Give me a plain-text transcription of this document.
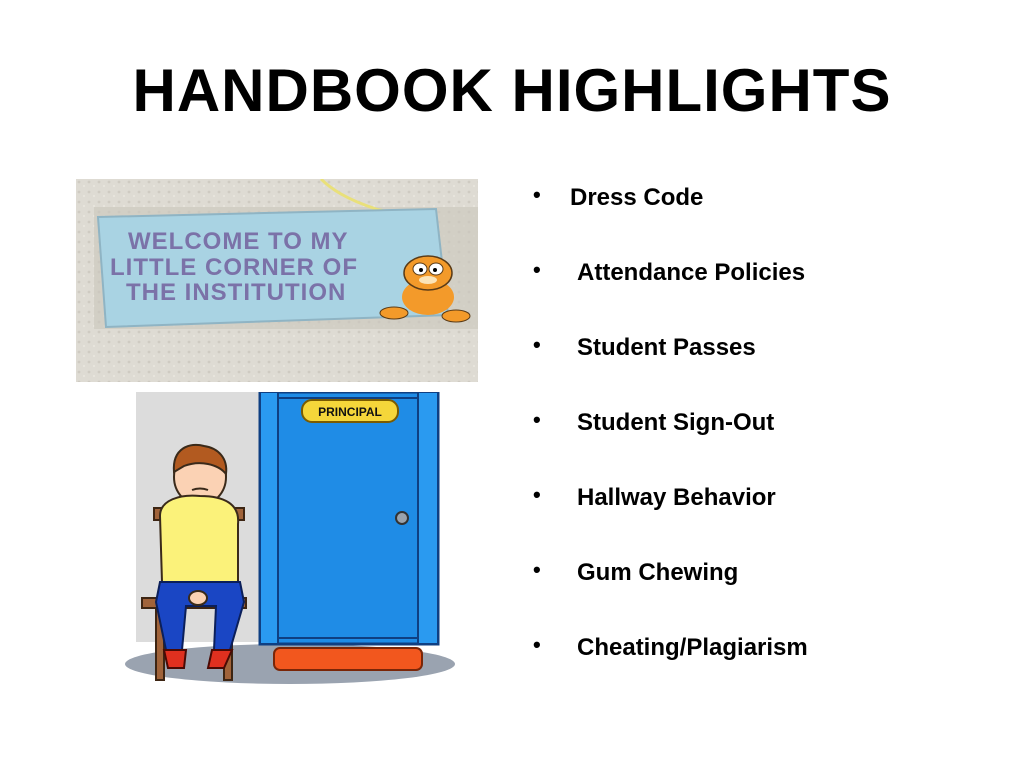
HANDBOOK HIGHLIGHTS
WELCOME TO MY
LITTLE CORNER OF
THE INSTITUTION
PRINCIPAL
• Dress Code
• Attendance Policies
• Student Passes
• Student Sign-Out
• Hallway Behavior
• Gum Chewing
• Cheating/Plagiarism
